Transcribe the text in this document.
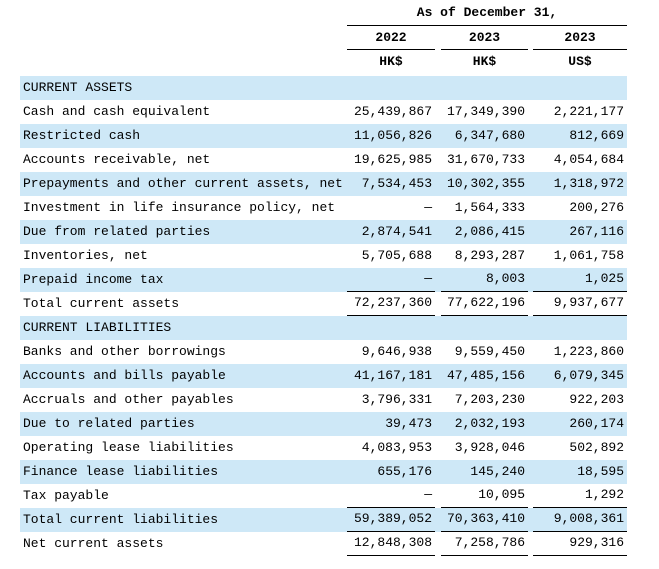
As of December 31,
2022	2023	2023
HK$	HK$	US$
CURRENT ASSETS
Cash and cash equivalent	25,439,867	17,349,390	2,221,177
Restricted cash	11,056,826	6,347,680	812,669
Accounts receivable, net	19,625,985	31,670,733	4,054,684
Prepayments and other current assets, net	7,534,453	10,302,355	1,318,972
Investment in life insurance policy, net	—	1,564,333	200,276
Due from related parties	2,874,541	2,086,415	267,116
Inventories, net	5,705,688	8,293,287	1,061,758
Prepaid income tax	—	8,003	1,025
Total current assets	72,237,360	77,622,196	9,937,677
CURRENT LIABILITIES
Banks and other borrowings	9,646,938	9,559,450	1,223,860
Accounts and bills payable	41,167,181	47,485,156	6,079,345
Accruals and other payables	3,796,331	7,203,230	922,203
Due to related parties	39,473	2,032,193	260,174
Operating lease liabilities	4,083,953	3,928,046	502,892
Finance lease liabilities	655,176	145,240	18,595
Tax payable	—	10,095	1,292
Total current liabilities	59,389,052	70,363,410	9,008,361
Net current assets	12,848,308	7,258,786	929,316
